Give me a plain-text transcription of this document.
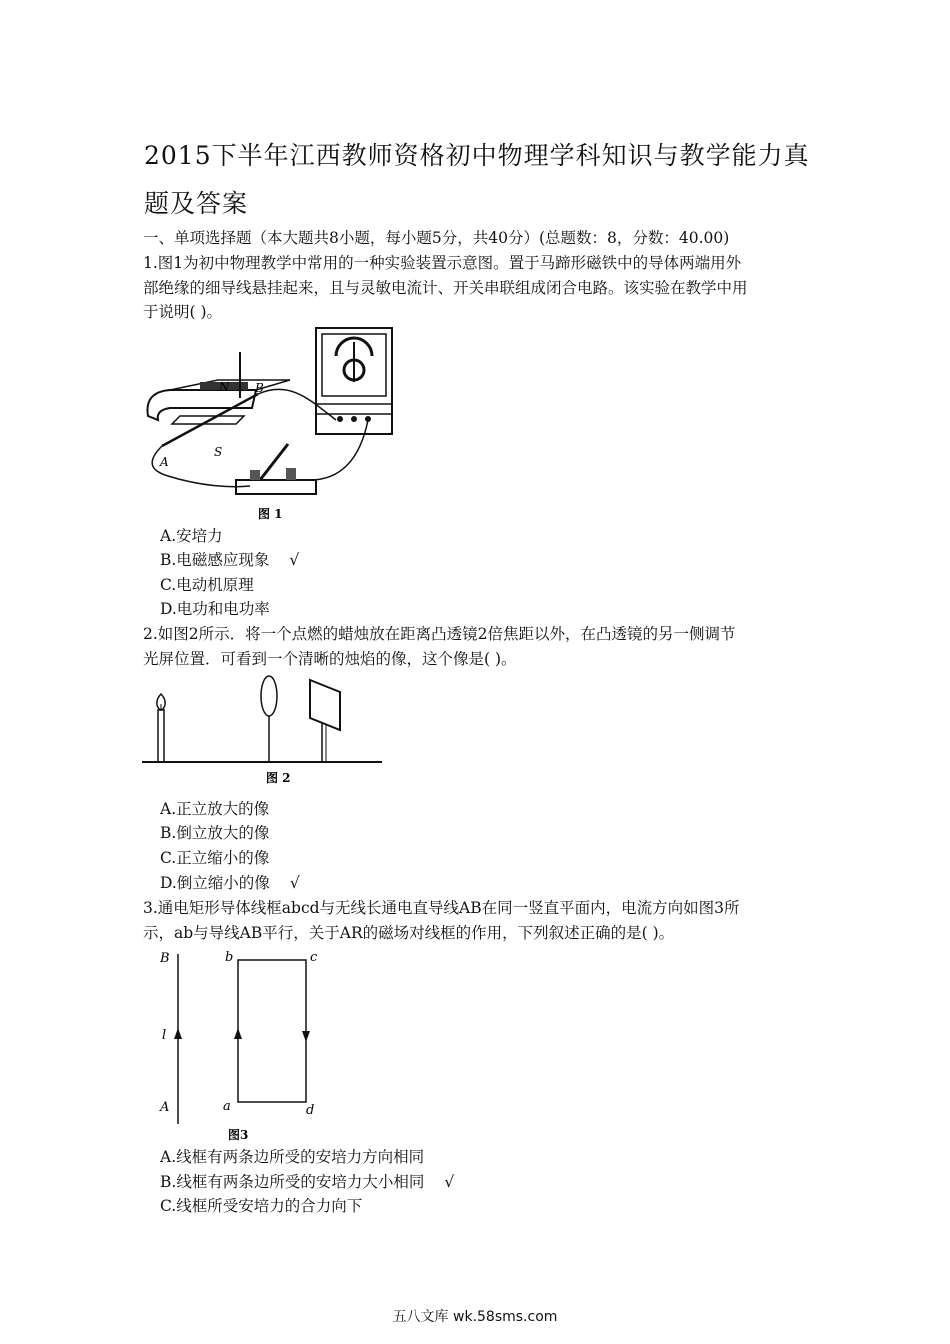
2015下半年江西教师资格初中物理学科知识与教学能力真
题及答案
一、单项选择题（本大题共8小题，每小题5分，共40分）(总题数：8，分数：40.00)
1.图1为初中物理教学中常用的一种实验装置示意图。置于马蹄形磁铁中的导体两端用外
部绝缘的细导线悬挂起来，且与灵敏电流计、开关串联组成闭合电路。该实验在教学中用
于说明( )。
N B
S
A
图 1
A.安培力
B.电磁感应现象 √
C.电动机原理
D.电功和电功率
2.如图2所示．将一个点燃的蜡烛放在距离凸透镜2倍焦距以外，在凸透镜的另一侧调节
光屏位置．可看到一个清晰的烛焰的像，这个像是( )。
图 2
A.正立放大的像
B.倒立放大的像
C.正立缩小的像
D.倒立缩小的像 √
3.通电矩形导体线框abcd与无线长通电直导线AB在同一竖直平面内，电流方向如图3所
示，ab与导线AB平行，关于AR的磁场对线框的作用，下列叙述正确的是( )。
B
l
A
b	c
a	d
图3
A.线框有两条边所受的安培力方向相同
B.线框有两条边所受的安培力大小相同 √
C.线框所受安培力的合力向下
五八文库 wk.58sms.com
